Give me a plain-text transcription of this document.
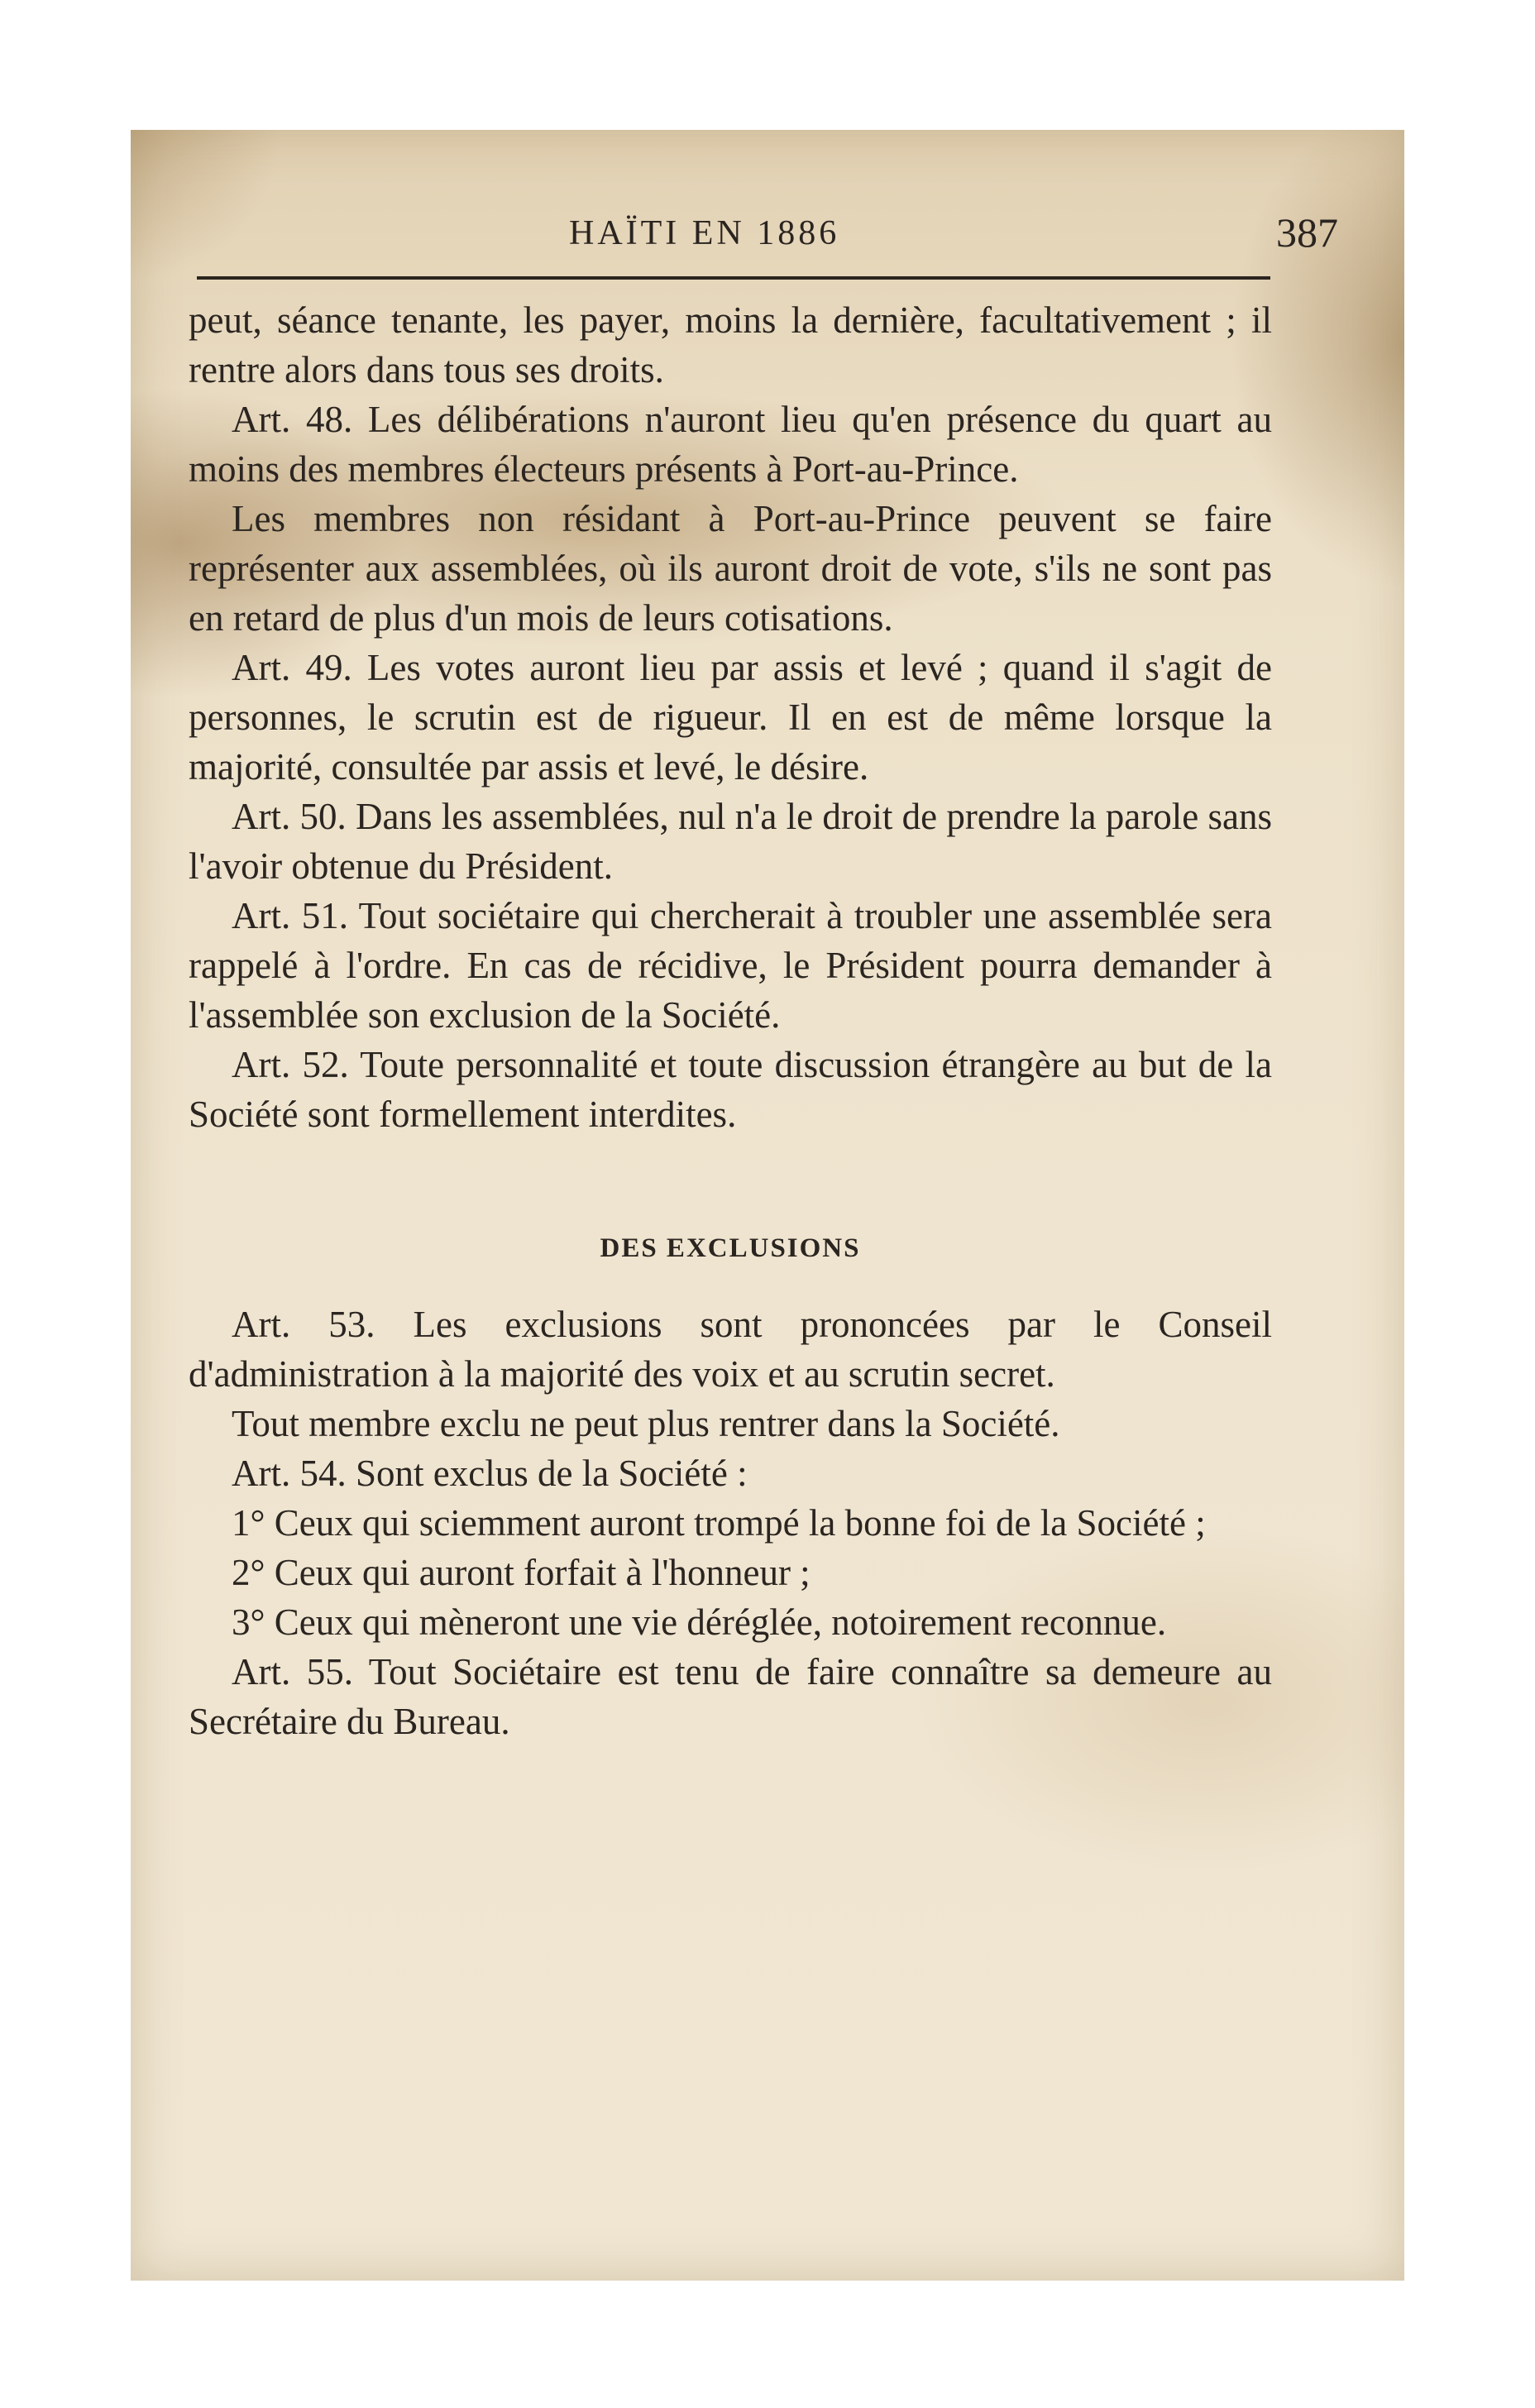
HAÏTI EN 1886	387

peut, séance tenante, les payer, moins la dernière, facultativement ; il rentre alors dans tous ses droits.

Art. 48. Les délibérations n'auront lieu qu'en présence du quart au moins des membres électeurs présents à Port-au-Prince.

Les membres non résidant à Port-au-Prince peuvent se faire représenter aux assemblées, où ils auront droit de vote, s'ils ne sont pas en retard de plus d'un mois de leurs cotisations.

Art. 49. Les votes auront lieu par assis et levé ; quand il s'agit de personnes, le scrutin est de rigueur. Il en est de même lorsque la majorité, consultée par assis et levé, le désire.

Art. 50. Dans les assemblées, nul n'a le droit de prendre la parole sans l'avoir obtenue du Président.

Art. 51. Tout sociétaire qui chercherait à troubler une assemblée sera rappelé à l'ordre. En cas de récidive, le Président pourra demander à l'assemblée son exclusion de la Société.

Art. 52. Toute personnalité et toute discussion étrangère au but de la Société sont formellement interdites.

DES EXCLUSIONS

Art. 53. Les exclusions sont prononcées par le Conseil d'administration à la majorité des voix et au scrutin secret.

Tout membre exclu ne peut plus rentrer dans la Société.

Art. 54. Sont exclus de la Société :

1° Ceux qui sciemment auront trompé la bonne foi de la Société ;

2° Ceux qui auront forfait à l'honneur ;

3° Ceux qui mèneront une vie déréglée, notoirement reconnue.

Art. 55. Tout Sociétaire est tenu de faire connaître sa demeure au Secrétaire du Bureau.
